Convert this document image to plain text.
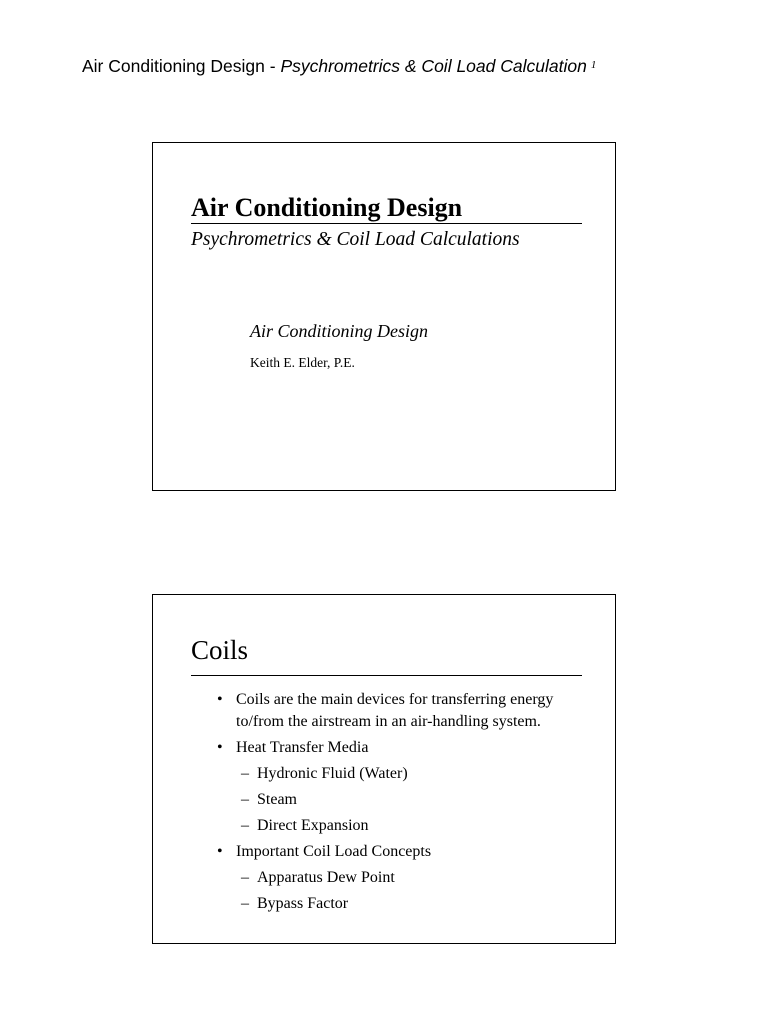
Air Conditioning Design - Psychrometrics & Coil Load Calculation $^1$
Air Conditioning Design
Psychrometrics & Coil Load Calculations
Air Conditioning Design
Keith E. Elder, P.E.
Coils
• Coils are the main devices for transferring energy to/from the airstream in an air-handling system.
• Heat Transfer Media
– Hydronic Fluid (Water)
– Steam
– Direct Expansion
• Important Coil Load Concepts
– Apparatus Dew Point
– Bypass Factor
